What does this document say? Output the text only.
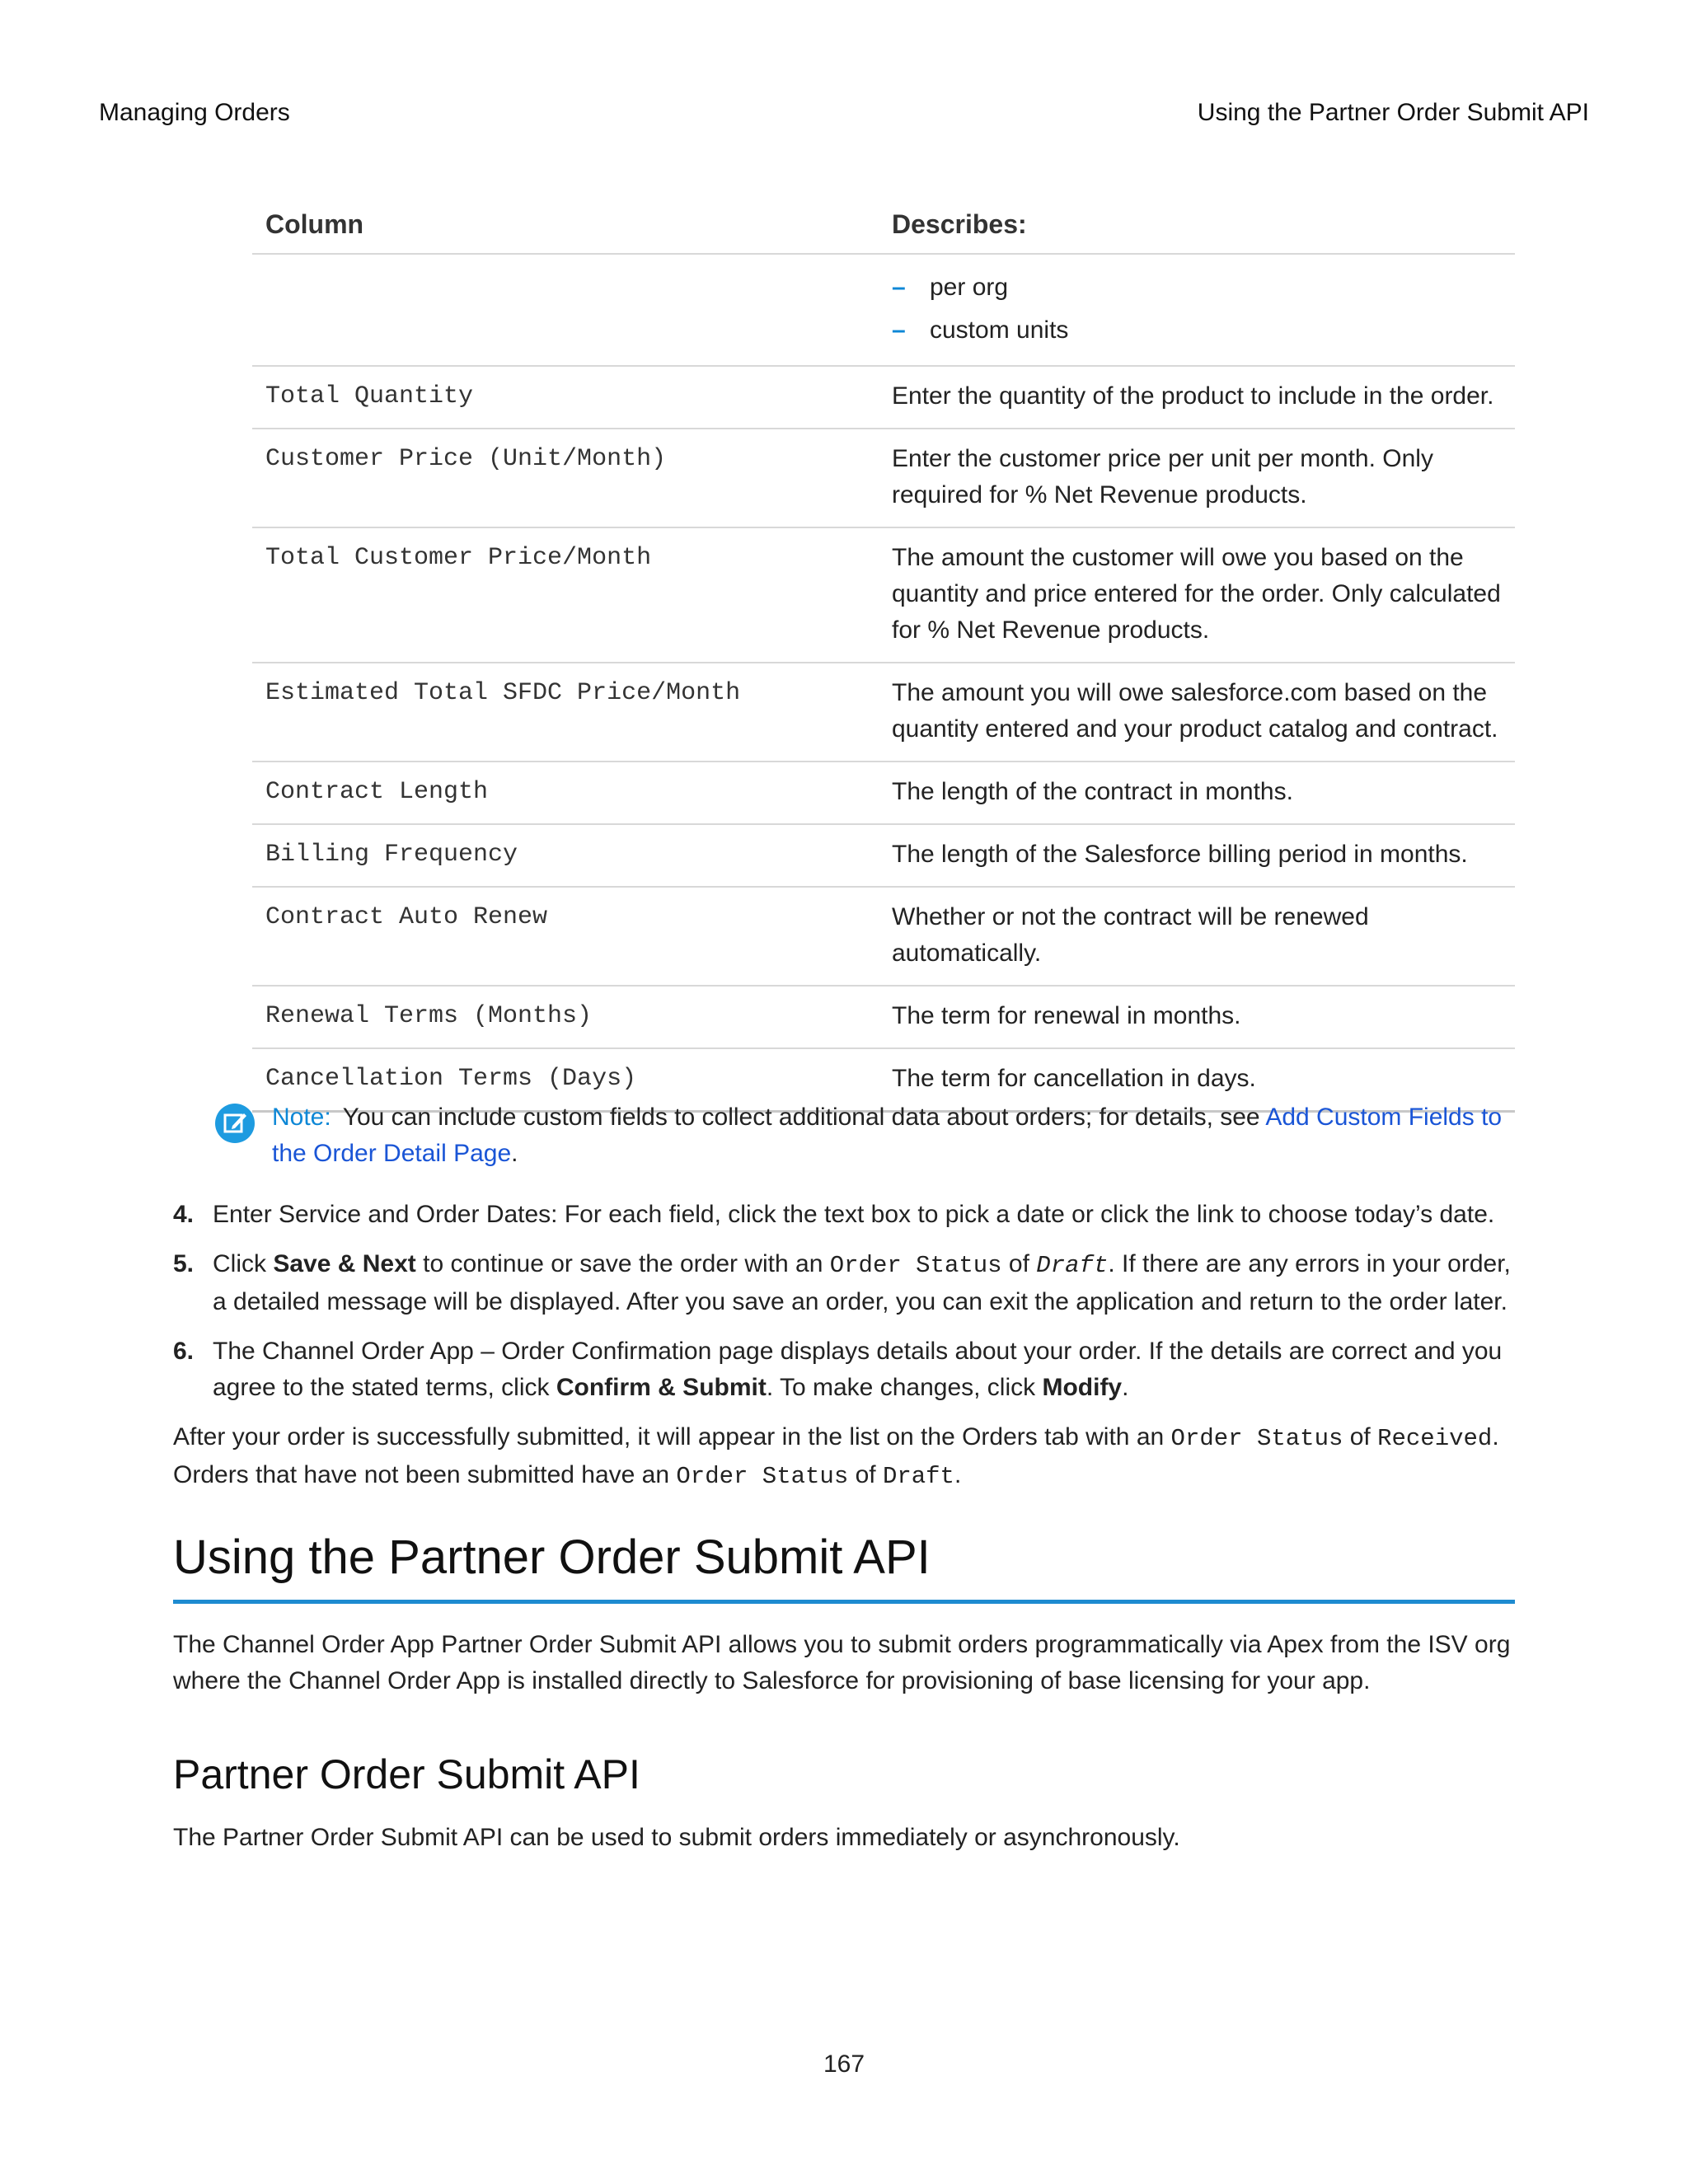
Managing Orders	Using the Partner Order Submit API
Column	Describes:

	– per org
– custom units

Total Quantity	Enter the quantity of the product to include in the order.
Customer Price (Unit/Month)	Enter the customer price per unit per month. Only required for % Net Revenue products.
Total Customer Price/Month	The amount the customer will owe you based on the quantity and price entered for the order. Only calculated for % Net Revenue products.
Estimated Total SFDC Price/Month	The amount you will owe salesforce.com based on the quantity entered and your product catalog and contract.
Contract Length	The length of the contract in months.
Billing Frequency	The length of the Salesforce billing period in months.
Contract Auto Renew	Whether or not the contract will be renewed automatically.
Renewal Terms (Months)	The term for renewal in months.
Cancellation Terms (Days)	The term for cancellation in days.
Note: You can include custom fields to collect additional data about orders; for details, see Add Custom Fields to the Order Detail Page.
4. Enter Service and Order Dates: For each field, click the text box to pick a date or click the link to choose today’s date.
5. Click Save & Next to continue or save the order with an Order Status of Draft. If there are any errors in your order, a detailed message will be displayed. After you save an order, you can exit the application and return to the order later.
6. The Channel Order App – Order Confirmation page displays details about your order. If the details are correct and you agree to the stated terms, click Confirm & Submit. To make changes, click Modify.
After your order is successfully submitted, it will appear in the list on the Orders tab with an Order Status of Received. Orders that have not been submitted have an Order Status of Draft.
Using the Partner Order Submit API
The Channel Order App Partner Order Submit API allows you to submit orders programmatically via Apex from the ISV org where the Channel Order App is installed directly to Salesforce for provisioning of base licensing for your app.
Partner Order Submit API
The Partner Order Submit API can be used to submit orders immediately or asynchronously.
167
